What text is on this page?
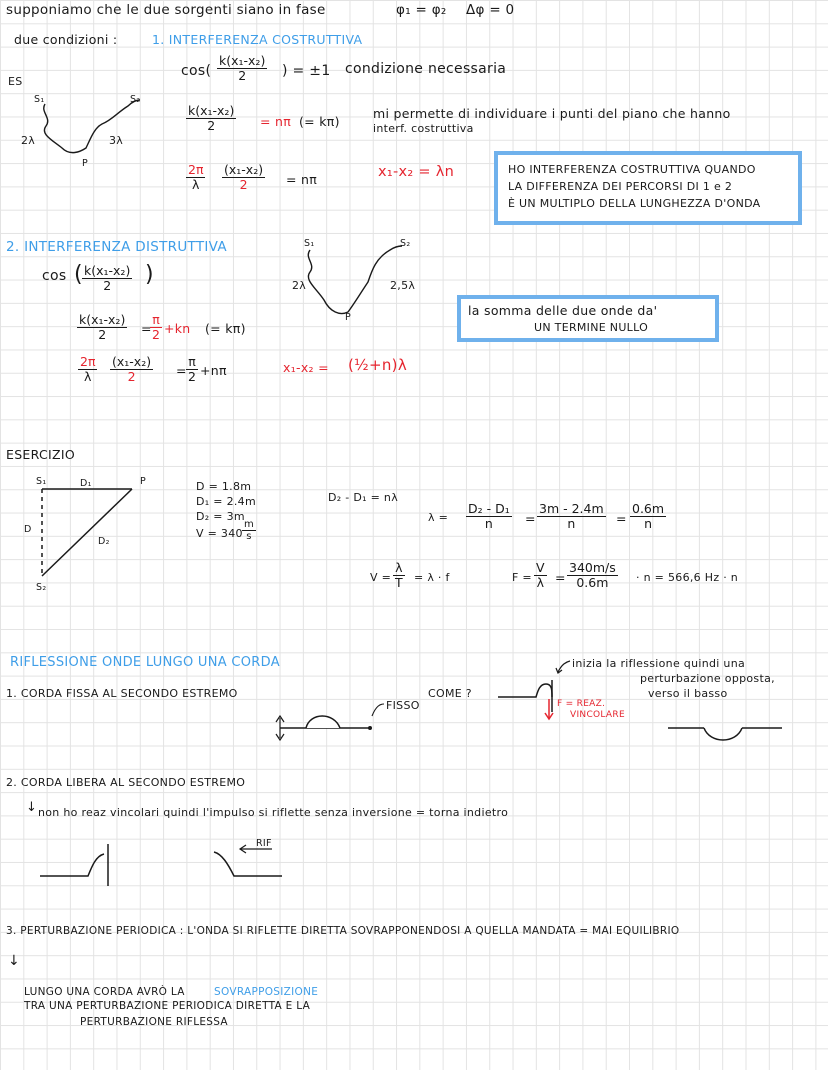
supponiamo che le due sorgenti siano in fase	φ₁ = φ₂ Δφ = 0
due condizioni :	1. INTERFERENZA COSTRUTTIVA
ES
$\cos( \frac{\text{k(x₁-x₂)}}{2}$ ) = ±1 condizione necessaria
S₁	S₂
2λ	3λ
P
$\frac{\text{k(x₁-x₂)}}{2} = n\pi$ (= kπ)
mi permette di individuare i punti del piano che hanno
interf. costruttiva
$\frac{2\pi}{\lambda} \frac{\text{(x₁-x₂)}}{2} = n\pi$	x₁-x₂ = λn	HO INTERFERENZA COSTRUTTIVA QUANDO
LA DIFFERENZA DEI PERCORSI DI 1 e 2
È UN MULTIPLO DELLA LUNGHEZZA D'ONDA
2. INTERFERENZA DISTRUTTIVA
cos ( $\frac{\text{k(x₁-x₂)}}{2}$ )
S₁	S₂
2λ	2,5λ
P
$\frac{\text{k(x₁-x₂)}}{2}$ =
$\frac{\pi}{2} +kn$ (= kπ)
$\frac{2\pi}{\lambda} \frac{\text{(x₁-x₂)}}{2} = \frac{\pi}{2} +n\pi$	x₁-x₂ = (½+n)λ
la somma delle due onde da'
UN TERMINE NULLO
ESERCIZIO
S₁
S₂
D
D₁
D₂
P	D = 1.8m
D₁ = 2.4m
D₂ = 3m
$V = 340 \frac{m}{s}$
D₂ - D₁ = nλ
$\lambda = \frac{\text{D₂ - D₁}}{n} = \frac{3m - 2.4m}{n} = \frac{0.6m}{n}$
$V = \frac{\lambda}{T} = \lambda \cdot f$	$F = \frac{V}{\lambda} = \frac{340m/s}{0.6m} \cdot n = 566,6$ Hz · n
RIFLESSIONE ONDE LUNGO UNA CORDA
1. CORDA FISSA AL SECONDO ESTREMO
FISSO
COME ?
F = REAZ.
VINCOLARE
inizia la riflessione quindi una
perturbazione opposta,
verso il basso
2. CORDA LIBERA AL SECONDO ESTREMO
↓ non ho reaz vincolari quindi l'impulso si riflette senza inversione = torna indietro
RIF
3. PERTURBAZIONE PERIODICA : L'ONDA SI RIFLETTE DIRETTA SOVRAPPONENDOSI A QUELLA MANDATA = MAI EQUILIBRIO
↓
LUNGO UNA CORDA AVRÒ LA	SOVRAPPOSIZIONE
TRA UNA PERTURBAZIONE PERIODICA DIRETTA E LA
PERTURBAZIONE RIFLESSA
